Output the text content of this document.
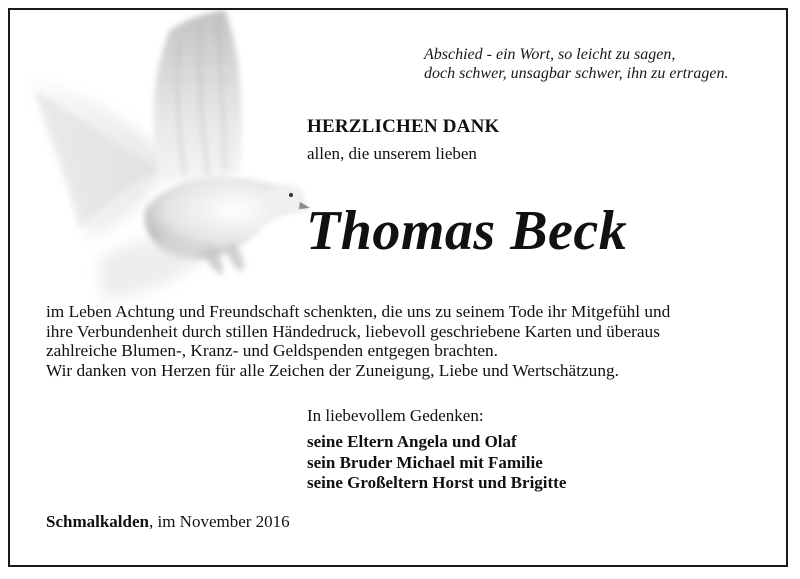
Abschied - ein Wort, so leicht zu sagen,
doch schwer, unsagbar schwer, ihn zu ertragen.
HERZLICHEN DANK
allen, die unserem lieben
Thomas Beck
im Leben Achtung und Freundschaft schenkten, die uns zu seinem Tode ihr Mitgefühl und
ihre Verbundenheit durch stillen Händedruck, liebevoll geschriebene Karten und überaus
zahlreiche Blumen-, Kranz- und Geldspenden entgegen brachten.
Wir danken von Herzen für alle Zeichen der Zuneigung, Liebe und Wertschätzung.
In liebevollem Gedenken:
seine Eltern Angela und Olaf
sein Bruder Michael mit Familie
seine Großeltern Horst und Brigitte
Schmalkalden, im November 2016
